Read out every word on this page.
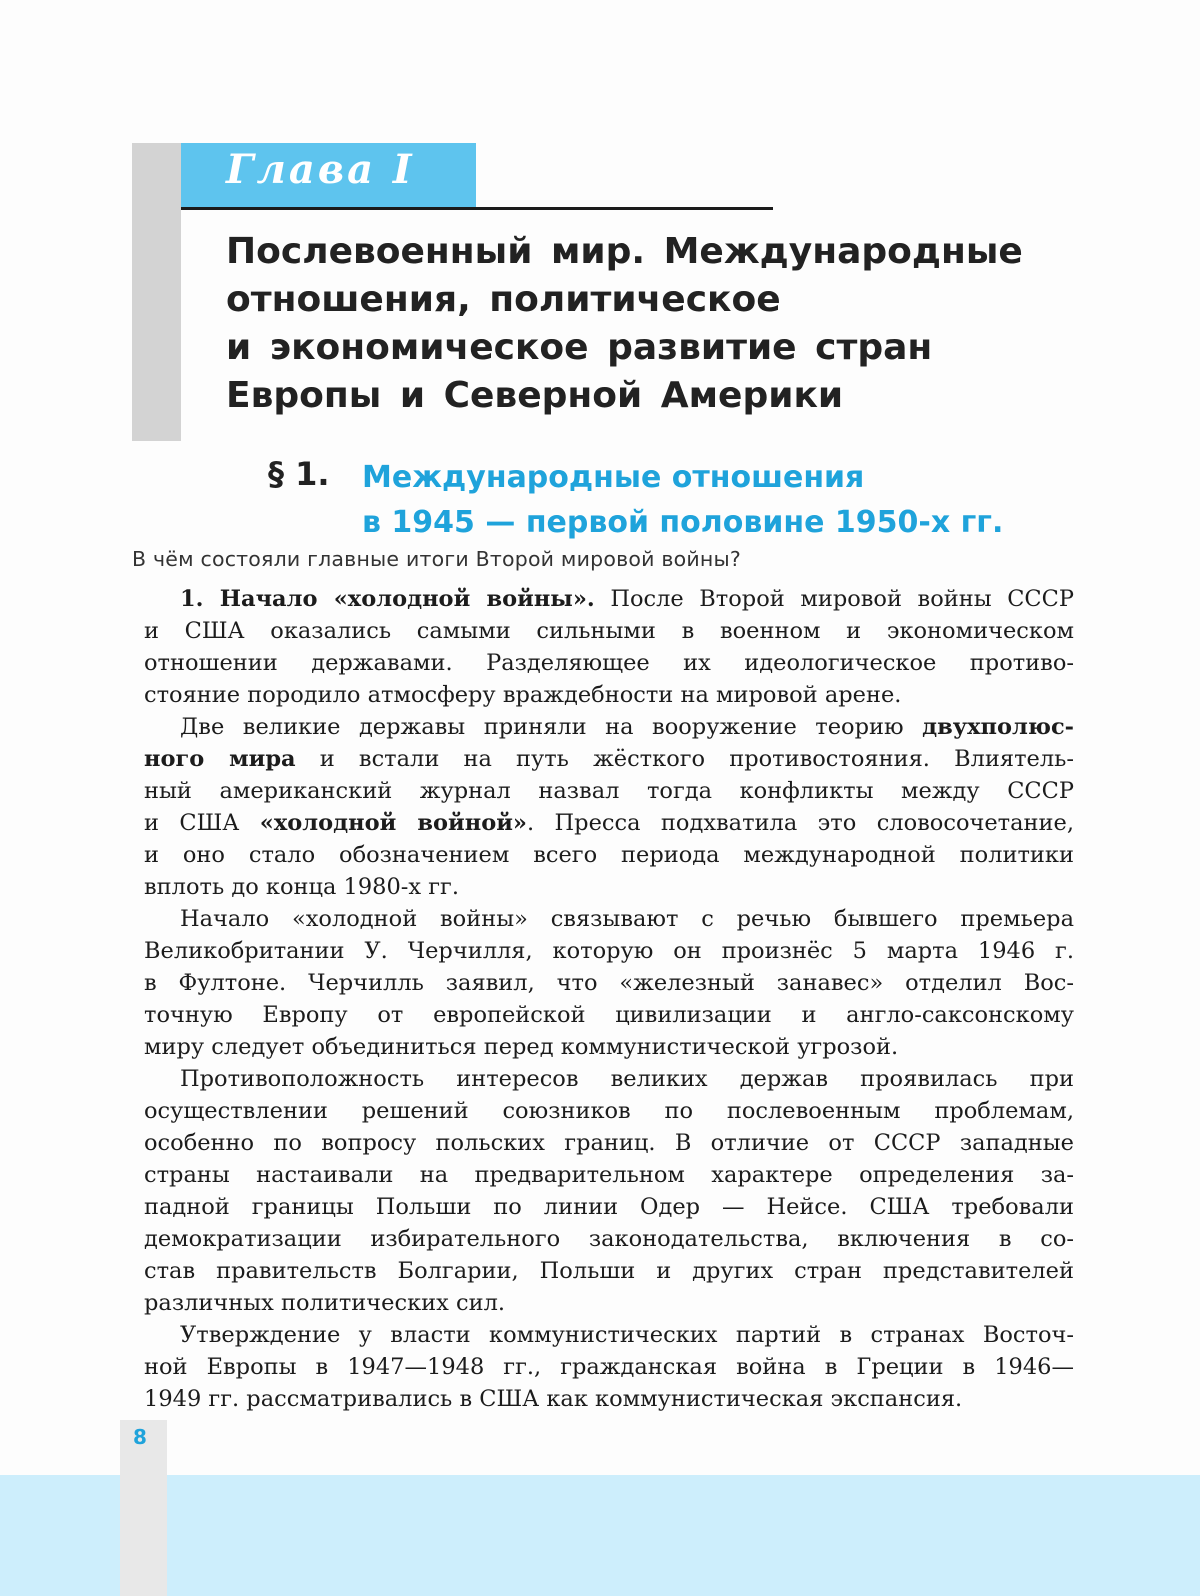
Глава I
Послевоенный мир. Международные
отношения, политическое
и экономическое развитие стран
Европы и Северной Америки
§ 1. Международные отношения
в 1945 — первой половине 1950-х гг.
В чём состояли главные итоги Второй мировой войны?

1. Начало «холодной войны». После Второй мировой войны СССР
и США оказались самыми сильными в военном и экономическом
отношении державами. Разделяющее их идеологическое противо-
стояние породило атмосферу враждебности на мировой арене.

Две великие державы приняли на вооружение теорию двухполюс-
ного мира и встали на путь жёсткого противостояния. Влиятель-
ный американский журнал назвал тогда конфликты между СССР
и США «холодной войной». Пресса подхватила это словосочетание,
и оно стало обозначением всего периода международной политики
вплоть до конца 1980-х гг.

Начало «холодной войны» связывают с речью бывшего премьера
Великобритании У. Черчилля, которую он произнёс 5 марта 1946 г.
в Фултоне. Черчилль заявил, что «железный занавес» отделил Вос-
точную Европу от европейской цивилизации и англо-саксонскому
миру следует объединиться перед коммунистической угрозой.

Противоположность интересов великих держав проявилась при
осуществлении решений союзников по послевоенным проблемам,
особенно по вопросу польских границ. В отличие от СССР западные
страны настаивали на предварительном характере определения за-
падной границы Польши по линии Одер — Нейсе. США требовали
демократизации избирательного законодательства, включения в со-
став правительств Болгарии, Польши и других стран представителей
различных политических сил.

Утверждение у власти коммунистических партий в странах Восточ-
ной Европы в 1947—1948 гг., гражданская война в Греции в 1946—
1949 гг. рассматривались в США как коммунистическая экспансия.

8
